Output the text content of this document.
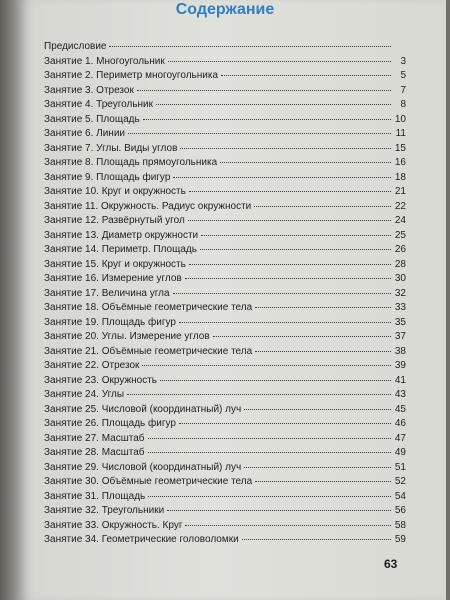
Содержание
Предисловие
Занятие 1. Многоугольник	3
Занятие 2. Периметр многоугольника	5
Занятие 3. Отрезок	7
Занятие 4. Треугольник	8
Занятие 5. Площадь	10
Занятие 6. Линии	11
Занятие 7. Углы. Виды углов	15
Занятие 8. Площадь прямоугольника	16
Занятие 9. Площадь фигур	18
Занятие 10. Круг и окружность	21
Занятие 11. Окружность. Радиус окружности	22
Занятие 12. Развёрнутый угол	24
Занятие 13. Диаметр окружности	25
Занятие 14. Периметр. Площадь	26
Занятие 15. Круг и окружность	28
Занятие 16. Измерение углов	30
Занятие 17. Величина угла	32
Занятие 18. Объёмные геометрические тела	33
Занятие 19. Площадь фигур	35
Занятие 20. Углы. Измерение углов	37
Занятие 21. Объёмные геометрические тела	38
Занятие 22. Отрезок	39
Занятие 23. Окружность	41
Занятие 24. Углы	43
Занятие 25. Числовой (координатный) луч	45
Занятие 26. Площадь фигур	46
Занятие 27. Масштаб	47
Занятие 28. Масштаб	49
Занятие 29. Числовой (координатный) луч	51
Занятие 30. Объёмные геометрические тела	52
Занятие 31. Площадь	54
Занятие 32. Треугольники	56
Занятие 33. Окружность. Круг	58
Занятие 34. Геометрические головоломки	59
63
